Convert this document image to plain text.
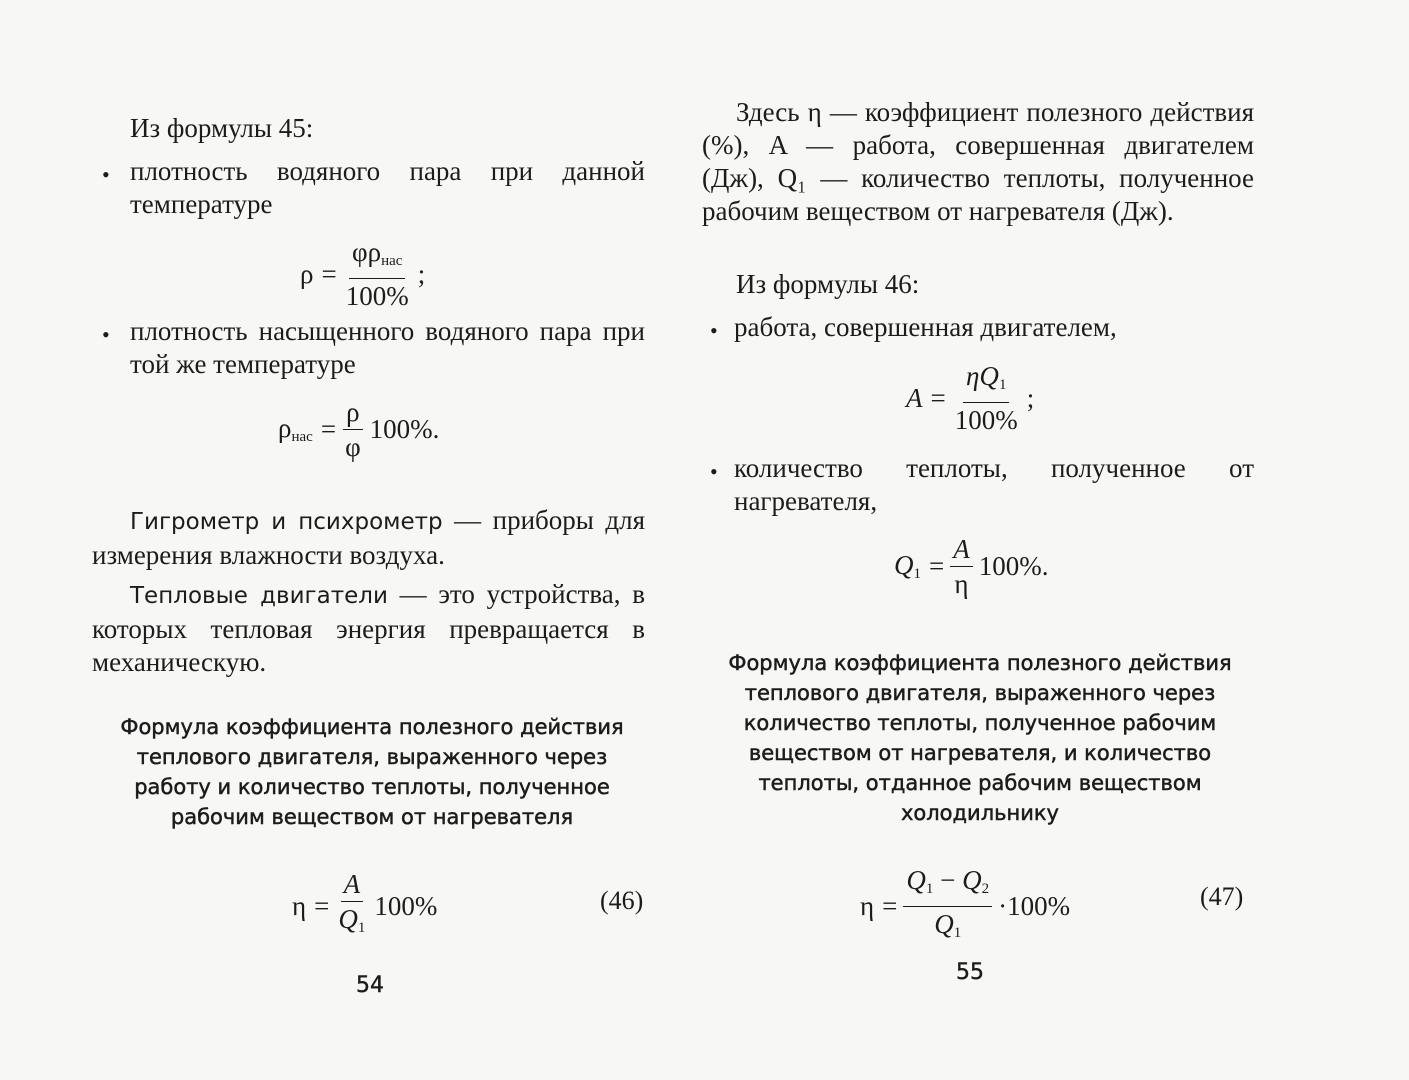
Из формулы 45:

• плотность водяного пара при данной температуре

$\rho = \frac{\varphi\rho_{нас}}{100\%}$ ;
• плотность насыщенного водяного пара при той же температуре

$\rho_{нас} = \frac{\rho}{\varphi} 100\%$.

Гигрометр и психрометр — приборы для измерения влажности воздуха.

Тепловые двигатели — это устройства, в которых тепловая энергия превращается в механическую.

Формула коэффициента полезного действия
теплового двигателя, выраженного через
работу и количество теплоты, полученное
рабочим веществом от нагревателя
$\eta = \frac{A}{Q_1} 100\%$	(46)

54

Здесь η — коэффициент полезного действия (%), A — работа, совершенная двигателем (Дж), Q₁ — количество теплоты, полученное рабочим веществом от нагревателя (Дж).

Из формулы 46:

• работа, совершенная двигателем,

$A = \frac{\eta Q_1}{100\%}$ ;
• количество теплоты, полученное от нагревателя,

$Q_1 = \frac{A}{\eta} 100\%$.
Формула коэффициента полезного действия
теплового двигателя, выраженного через
количество теплоты, полученное рабочим
веществом от нагревателя, и количество
теплоты, отданное рабочим веществом
холодильнику
$\eta = \frac{Q_1 - Q_2}{Q_1} \cdot 100\%$	(47)

55
